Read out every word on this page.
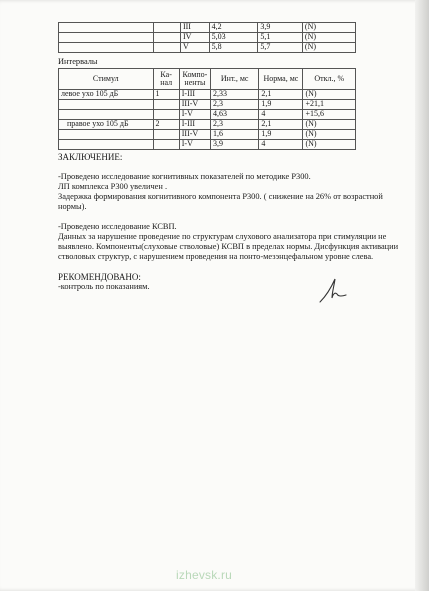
		III	4,2	3,9	(N)
		IV	5,03	5,1	(N)
		V	5,8	5,7	(N)
Интервалы
Стимул	Ка-нал	Компо-ненты	Инт., мс	Норма, мс	Откл., %
левое ухо 105 дБ	1	I-III	2,33	2,1	(N)
		III-V	2,3	1,9	+21,1
		I-V	4,63	4	+15,6
правое ухо 105 дБ	2	I-III	2,3	2,1	(N)
		III-V	1,6	1,9	(N)
		I-V	3,9	4	(N)
ЗАКЛЮЧЕНИЕ:
-Проведено исследование когнитивных показателей по методике Р300.
ЛП комплекса Р300 увеличен .
Задержка формирования когнитивного компонента Р300. ( снижение на 26% от возрастной
нормы).
-Проведено исследование КСВП.
Данных за нарушение проведение по структурам слухового анализатора при стимуляции не
выявлено. Компоненты(слуховые стволовые) КСВП в пределах нормы. Дисфункция активации
стволовых структур, с нарушением проведения на понто-мезэнцефальном уровне слева.
РЕКОМЕНДОВАНО:
-контроль по показаниям.
izhevsk.ru
